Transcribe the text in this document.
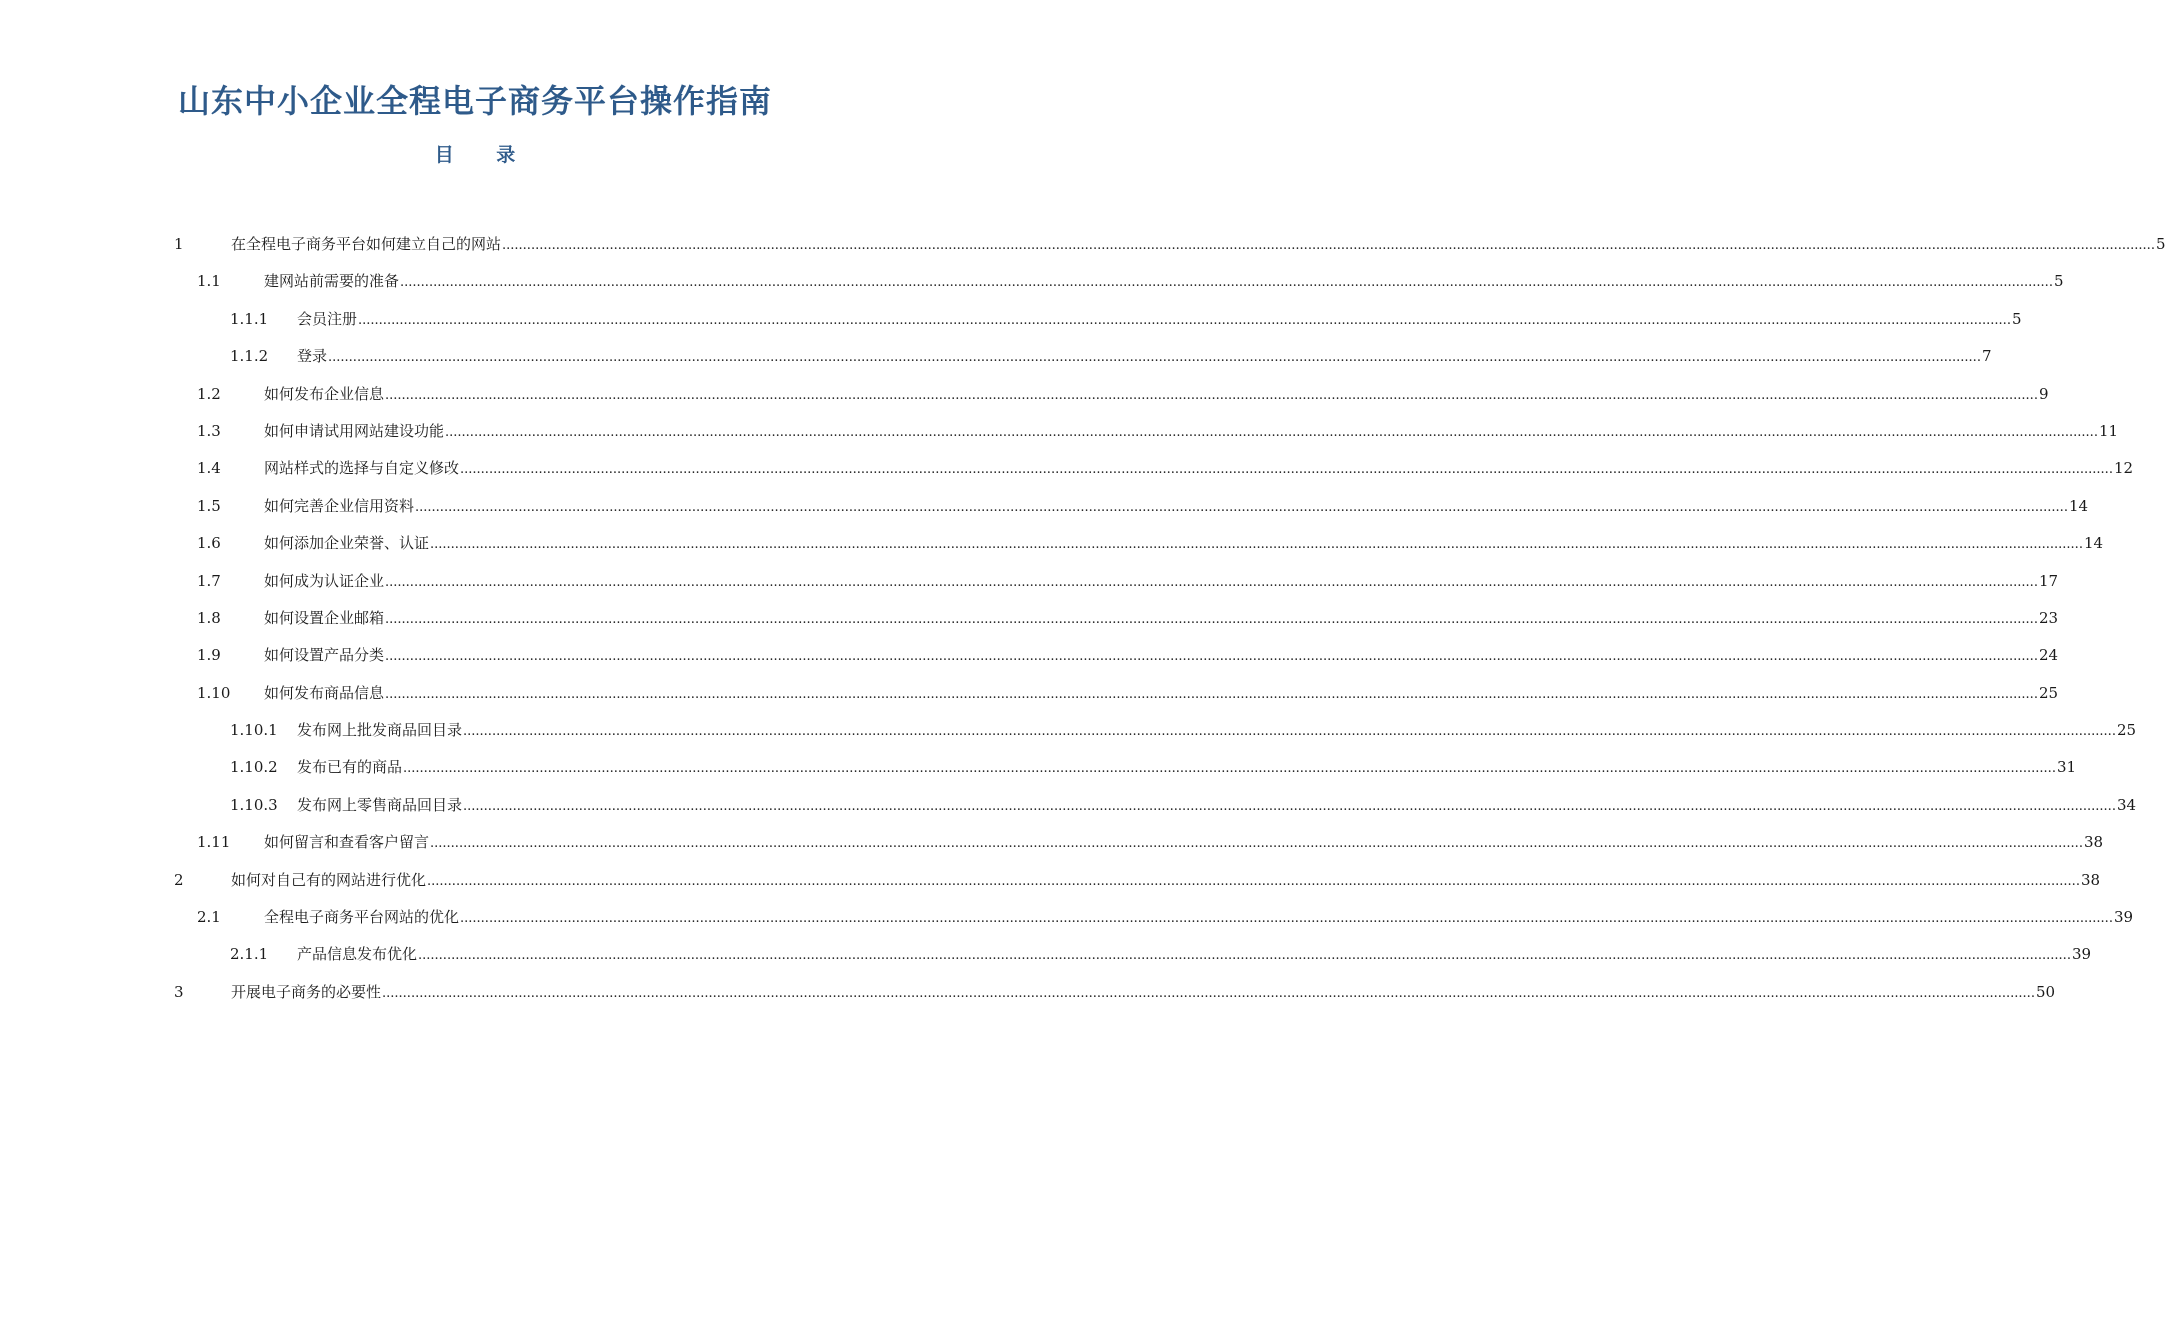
山东中小企业全程电子商务平台操作指南
目 录
1	在全程电子商务平台如何建立自己的网站 ................................................................................................................................................................................................................................................................................................................................................................................................................ 5
1.1	建网站前需要的准备 ................................................................................................................................................................................................................................................................................................................................................................................................................ 5
1.1.1 会员注册 ................................................................................................................................................................................................................................................................................................................................................................................................................ 5
1.1.2 登录 ................................................................................................................................................................................................................................................................................................................................................................................................................ 7
1.2	如何发布企业信息 ................................................................................................................................................................................................................................................................................................................................................................................................................ 9
1.3	如何申请试用网站建设功能 ................................................................................................................................................................................................................................................................................................................................................................................................................ 11
1.4	网站样式的选择与自定义修改 ................................................................................................................................................................................................................................................................................................................................................................................................................ 12
1.5	如何完善企业信用资料 ................................................................................................................................................................................................................................................................................................................................................................................................................ 14
1.6	如何添加企业荣誉、认证 ................................................................................................................................................................................................................................................................................................................................................................................................................ 14
1.7	如何成为认证企业 ................................................................................................................................................................................................................................................................................................................................................................................................................ 17
1.8	如何设置企业邮箱 ................................................................................................................................................................................................................................................................................................................................................................................................................ 23
1.9	如何设置产品分类 ................................................................................................................................................................................................................................................................................................................................................................................................................ 24
1.10 如何发布商品信息 ................................................................................................................................................................................................................................................................................................................................................................................................................ 25
1.10.1 发布网上批发商品回目录 ................................................................................................................................................................................................................................................................................................................................................................................................................ 25
1.10.2 发布已有的商品 ................................................................................................................................................................................................................................................................................................................................................................................................................ 31
1.10.3 发布网上零售商品回目录 ................................................................................................................................................................................................................................................................................................................................................................................................................ 34
1.11 如何留言和查看客户留言 ................................................................................................................................................................................................................................................................................................................................................................................................................ 38
2	如何对自己有的网站进行优化 ................................................................................................................................................................................................................................................................................................................................................................................................................ 38
2.1	全程电子商务平台网站的优化 ................................................................................................................................................................................................................................................................................................................................................................................................................ 39
2.1.1 产品信息发布优化 ................................................................................................................................................................................................................................................................................................................................................................................................................ 39
3	开展电子商务的必要性 ................................................................................................................................................................................................................................................................................................................................................................................................................ 50
